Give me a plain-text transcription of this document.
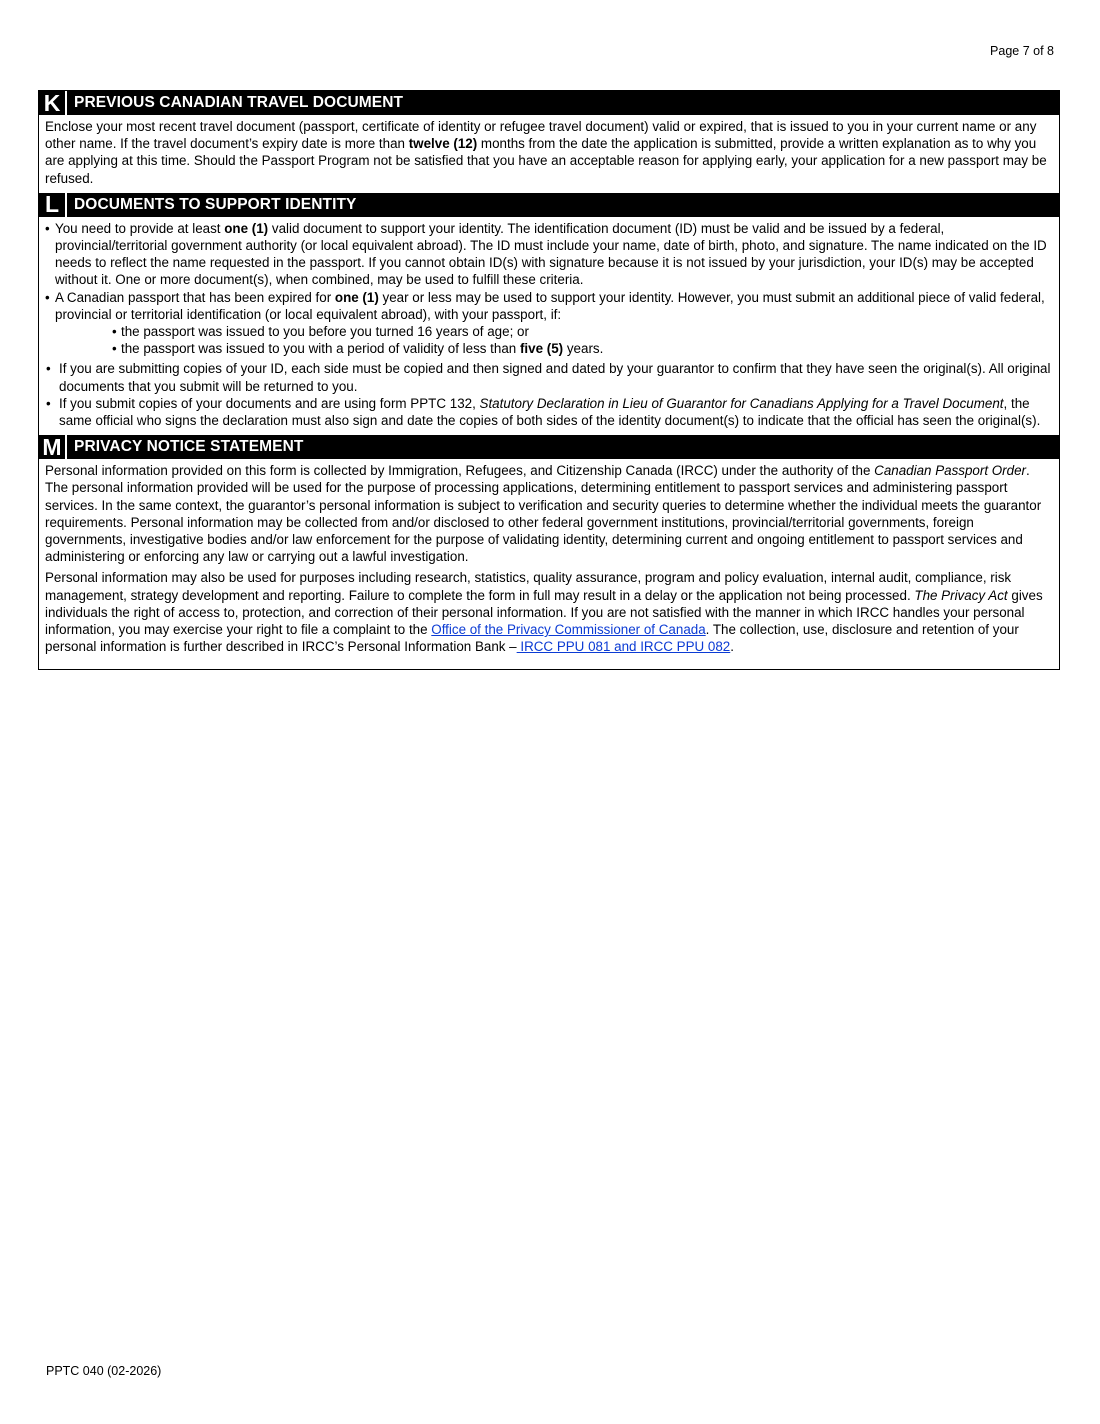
Page 7 of 8
K PREVIOUS CANADIAN TRAVEL DOCUMENT

Enclose your most recent travel document (passport, certificate of identity or refugee travel document) valid or expired, that is issued to you in your current name or any other name. If the travel document’s expiry date is more than twelve (12) months from the date the application is submitted, provide a written explanation as to why you are applying at this time. Should the Passport Program not be satisfied that you have an acceptable reason for applying early, your application for a new passport may be refused.

L DOCUMENTS TO SUPPORT IDENTITY

• You need to provide at least one (1) valid document to support your identity. The identification document (ID) must be valid and be issued by a federal, provincial/territorial government authority (or local equivalent abroad). The ID must include your name, date of birth, photo, and signature. The name indicated on the ID needs to reflect the name requested in the passport. If you cannot obtain ID(s) with signature because it is not issued by your jurisdiction, your ID(s) may be accepted without it. One or more document(s), when combined, may be used to fulfill these criteria.

• A Canadian passport that has been expired for one (1) year or less may be used to support your identity. However, you must submit an additional piece of valid federal, provincial or territorial identification (or local equivalent abroad), with your passport, if:

• the passport was issued to you before you turned 16 years of age; or

• the passport was issued to you with a period of validity of less than five (5) years.

• If you are submitting copies of your ID, each side must be copied and then signed and dated by your guarantor to confirm that they have seen the original(s). All original documents that you submit will be returned to you.

• If you submit copies of your documents and are using form PPTC 132, Statutory Declaration in Lieu of Guarantor for Canadians Applying for a Travel Document, the same official who signs the declaration must also sign and date the copies of both sides of the identity document(s) to indicate that the official has seen the original(s).

M PRIVACY NOTICE STATEMENT

Personal information provided on this form is collected by Immigration, Refugees, and Citizenship Canada (IRCC) under the authority of the Canadian Passport Order. The personal information provided will be used for the purpose of processing applications, determining entitlement to passport services and administering passport services. In the same context, the guarantor’s personal information is subject to verification and security queries to determine whether the individual meets the guarantor requirements. Personal information may be collected from and/or disclosed to other federal government institutions, provincial/territorial governments, foreign governments, investigative bodies and/or law enforcement for the purpose of validating identity, determining current and ongoing entitlement to passport services and administering or enforcing any law or carrying out a lawful investigation.

Personal information may also be used for purposes including research, statistics, quality assurance, program and policy evaluation, internal audit, compliance, risk management, strategy development and reporting. Failure to complete the form in full may result in a delay or the application not being processed. The Privacy Act gives individuals the right of access to, protection, and correction of their personal information. If you are not satisfied with the manner in which IRCC handles your personal information, you may exercise your right to file a complaint to the Office of the Privacy Commissioner of Canada. The collection, use, disclosure and retention of your personal information is further described in IRCC’s Personal Information Bank – IRCC PPU 081 and IRCC PPU 082.

PPTC 040 (02-2026)
